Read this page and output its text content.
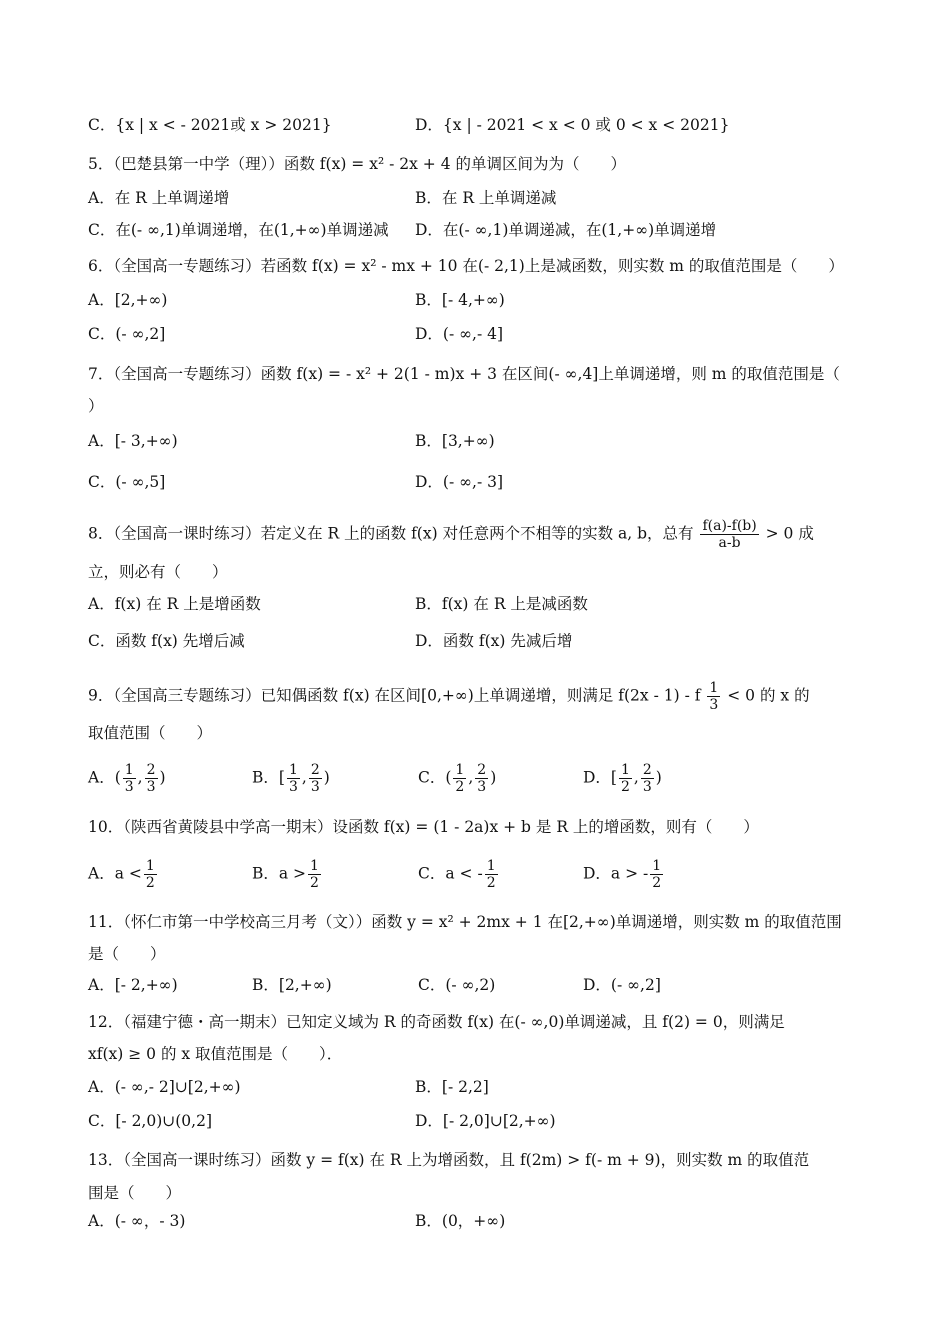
C．{x | x < - 2021或 x > 2021}	D．{x | - 2021 < x < 0 或 0 < x < 2021}
5．（巴楚县第一中学（理））函数 f(x) = x² - 2x + 4 的单调区间为为（　　）
A．在 R 上单调递增	B．在 R 上单调递减
C．在(- ∞,1)单调递增，在(1,+∞)单调递减 D．在(- ∞,1)单调递减，在(1,+∞)单调递增
6．（全国高一专题练习）若函数 f(x) = x² - mx + 10 在(- 2,1)上是减函数，则实数 m 的取值范围是（　　）
A．[2,+∞)	B．[- 4,+∞)
C．(- ∞,2]	D．(- ∞,- 4]
7．（全国高一专题练习）函数 f(x) = - x² + 2(1 - m)x + 3 在区间(- ∞,4]上单调递增，则 m 的取值范围是（
）
A．[- 3,+∞)	B．[3,+∞)
C．(- ∞,5]	D．(- ∞,- 3]
8．（全国高一课时练习）若定义在 R 上的函数 f(x) 对任意两个不相等的实数 a, b，总有 $\frac{f(a)-f(b)}{a-b} > 0$ 成
立，则必有（　　）
A．f(x) 在 R 上是增函数	B．f(x) 在 R 上是减函数
C．函数 f(x) 先增后减	D．函数 f(x) 先减后增
9．（全国高三专题练习）已知偶函数 f(x) 在区间[0,+∞)上单调递增，则满足 f(2x - 1) - f $\frac{1}{3} < 0$ 的 x 的
取值范围（　　）
A．( $\frac{1}{3}$ , $\frac{2}{3}$ )	B．[ $\frac{1}{3}$ , $\frac{2}{3}$ )	C．( $\frac{1}{2}$ , $\frac{2}{3}$ )	D．[ $\frac{1}{2}$ , $\frac{2}{3}$ )
10．（陕西省黄陵县中学高一期末）设函数 f(x) = (1 - 2a)x + b 是 R 上的增函数，则有（　　）
A．$a < \frac{1}{2}$	B．$a > \frac{1}{2}$	C．a < - $\frac{1}{2}$	D．a > - $\frac{1}{2}$
11．（怀仁市第一中学校高三月考（文））函数 y = x² + 2mx + 1 在[2,+∞)单调递增，则实数 m 的取值范围
是（　　）
A．[- 2,+∞)	B．[2,+∞)	C．(- ∞,2)	D．(- ∞,2]
12．（福建宁德・高一期末）已知定义域为 R 的奇函数 f(x) 在(- ∞,0)单调递减，且 f(2) = 0，则满足
xf(x) ≥ 0 的 x 取值范围是（　　）．
A．(- ∞,- 2]∪[2,+∞)	B．[- 2,2]
C．[- 2,0)∪(0,2]	D．[- 2,0]∪[2,+∞)
13．（全国高一课时练习）函数 y = f(x) 在 R 上为增函数，且 f(2m) > f(- m + 9)，则实数 m 的取值范
围是（　　）
A．(- ∞，- 3)	B．(0，+∞)
